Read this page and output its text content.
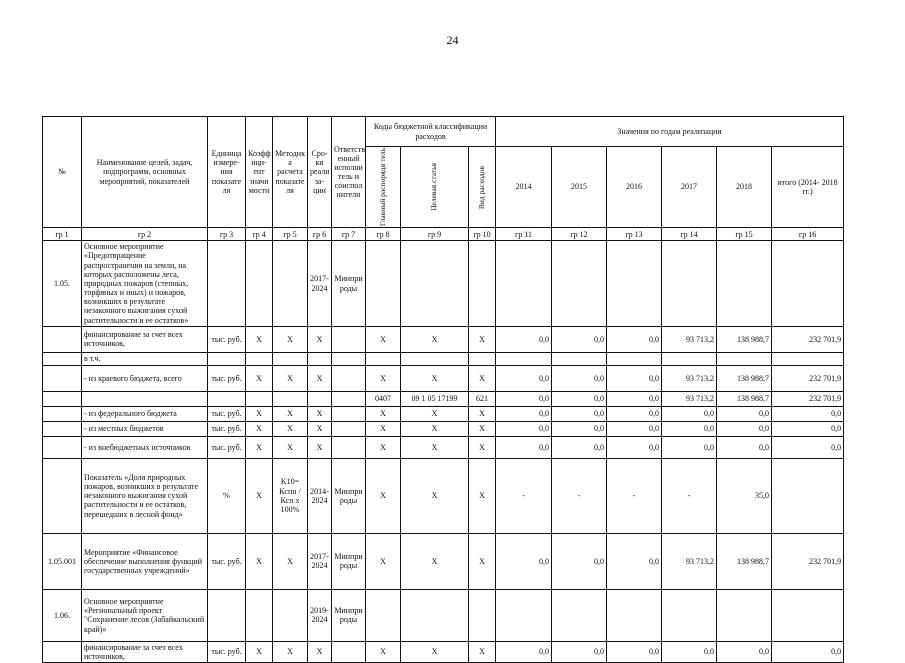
24
№	Наименование целей, задач, подпрограмм, основных мероприятий, показателей	Единица измере- ния показате ля	Коэфф ици- ент значи мости	Методик а расчета показате ля	Сро- ки реали за- ции	Ответств енный исполни тель и соиспол нители	Коды бюджетной классификации расходов			Значения по годам реализации					

							Главный распоряди тель	Целевая статья	Вид расходов	2014	2015	2016	2017	2018	итого (2014- 2018 гг.)
гр 1	гр 2	гр 3	гр 4	гр 5	гр 6	гр 7	гр 8	гр 9	гр 10	гр 11	гр 12	гр 13	гр 14	гр 15	гр 16
1.05.	Основное мероприятие «Предотвращение распространения на земли, на которых расположены леса, природных пожаров (степных, торфяных и иных) и пожаров, возникших в результате незаконного выжигания сухой растительности и ее остатков»				2017- 2024	Минпри роды									
	финансирование за счет всех источников,	тыс. руб.	X	X	X		X	X	X	0,0	0,0	0,0	93 713,2	138 988,7	232 701,9
	в т.ч.														
	- из краевого бюджета, всего	тыс. руб.	X	X	X		X	X	X	0,0	0,0	0,0	93 713,2	138 988,7	232 701,9
							0407	09 1 05 17199	621	0,0	0,0	0,0	93 713,2	138 988,7	232 701,9
	- из федерального бюджета	тыс. руб.	X	X	X		X	X	X	0,0	0,0	0,0	0,0	0,0	0,0
	- из местных бюджетов	тыс. руб.	X	X	X		X	X	X	0,0	0,0	0,0	0,0	0,0	0,0
	- из внебюджетных источников	тыс. руб.	X	X	X		X	X	X	0,0	0,0	0,0	0,0	0,0	0,0
	Показатель «Доля природных пожаров, возникших в результате незаконного выжигания сухой растительности и ее остатков, перешедших в лесной фонд»	%	X	K10= Кспн / Ксп x 100%	2014- 2024	Минпри роды	X	X	X	-	-	-	-	35,0	
1.05.001	Мероприятие «Финансовое обеспечение выполнения функций государственных учреждений»	тыс. руб.	X	X	2017- 2024	Минпри роды	X	X	X	0,0	0,0	0,0	93 713,2	138 988,7	232 701,9
1.06.	Основное мероприятие «Региональный проект "Сохранение лесов (Забайкальский край)»				2019- 2024	Минпри роды									
	финансирование за счет всех источников,	тыс. руб.	X	X	X		X	X	X	0,0	0,0	0,0	0,0	0,0	0,0
